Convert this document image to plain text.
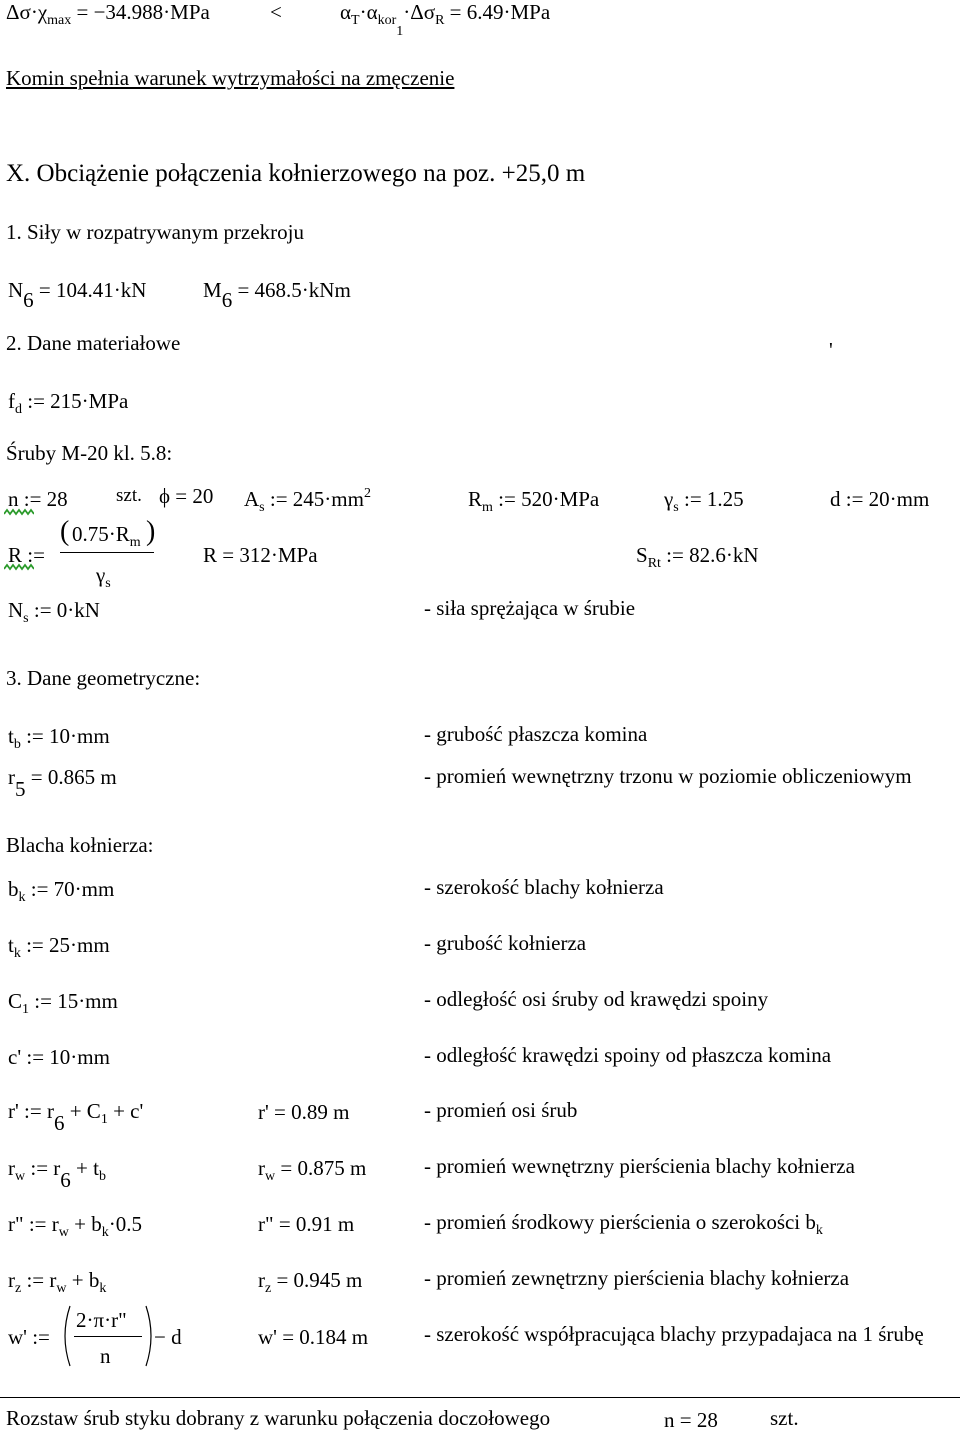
$\Delta\sigma\cdot\chi_{max} = -34.988\cdot MPa$	<	$\alpha_T\cdot\alpha_{kor1}\cdot\Delta\sigma_R = 6.49\cdot MPa$
Komin spełnia warunek wytrzymałości na zmęczenie
X. Obciążenie połączenia kołnierzowego na poz. +25,0 m
1. Siły w rozpatrywanym przekroju
$N_6 = 104.41\cdot kN$	$M_6 = 468.5\cdot kNm$
2. Dane materiałowe	'
$f_d$ := 215·MPa
Śruby M-20 kl. 5.8:
n := 28	szt. ϕ = 20 $A_s$ := $245\cdot mm^2$	$R_m$ := 520·MPa	$\gamma_s$ := 1.25	d := 20·mm
R :=
( $0.75\cdot R_m$ )
$\gamma_s$
R = 312·MPa	$S_{Rt}$ := 82.6·kN
$N_s$ := 0·kN	- siła sprężająca w śrubie
3. Dane geometryczne:
$t_b$ := 10·mm	- grubość płaszcza komina
$r_5 = 0.865$ m	- promień wewnętrzny trzonu w poziomie obliczeniowym
Blacha kołnierza:
$b_k$ := 70·mm	- szerokość blachy kołnierza
$t_k$ := 25·mm	- grubość kołnierza
$C_1$ := 15·mm	- odległość osi śruby od krawędzi spoiny
c' := 10·mm	- odległość krawędzi spoiny od płaszcza komina
r' := $r_6 + C_1 + c'$	r' = 0.89 m	- promień osi śrub
$r_w$ := $r_6 + t_b$	$r_w = 0.875$ m	- promień wewnętrzny pierścienia blachy kołnierza
r" := $r_w + b_k\cdot 0.5$	r" = 0.91 m	- promień środkowy pierścienia o szerokości $b_k$
$r_z$ := $r_w + b_k$	$r_z = 0.945$ m	- promień zewnętrzny pierścienia blachy kołnierza
w' :=
2·π·r"
n
− d	w' = 0.184 m	- szerokość współpracująca blachy przypadajaca na 1 śrubę
Rozstaw śrub styku dobrany z warunku połączenia doczołowego	n = 28 szt.
